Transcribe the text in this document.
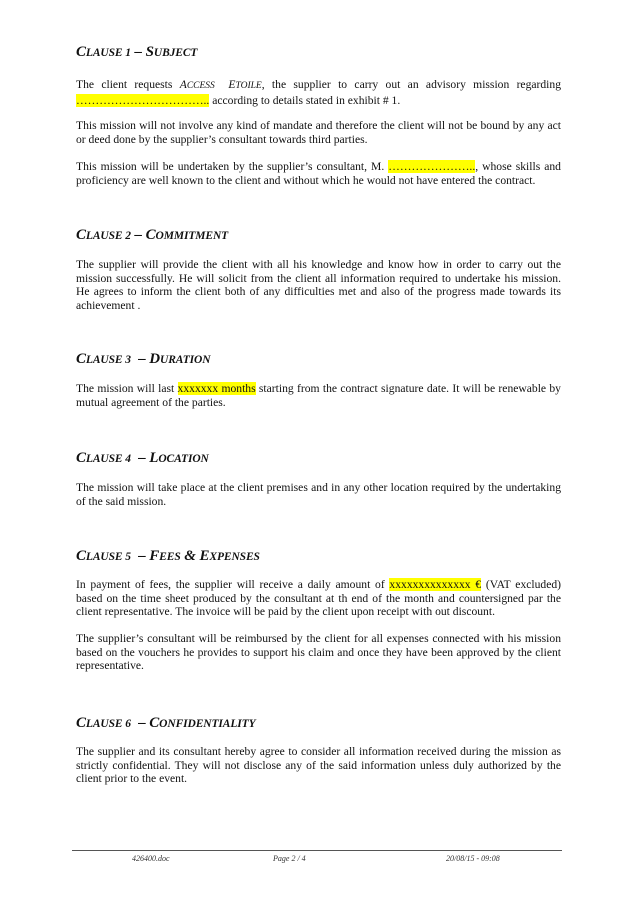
CLAUSE 1 – SUBJECT
The client requests ACCESS ETOILE, the supplier to carry out an advisory mission regarding …………………………….. according to details stated in exhibit # 1.
This mission will not involve any kind of mandate and therefore the client will not be bound by any act or deed done by the supplier’s consultant towards third parties.
This mission will be undertaken by the supplier’s consultant, M. ………………….., whose skills and proficiency are well known to the client and without which he would not have entered the contract.
CLAUSE 2 – COMMITMENT
The supplier will provide the client with all his knowledge and know how in order to carry out the mission successfully. He will solicit from the client all information required to undertake his mission. He agrees to inform the client both of any difficulties met and also of the progress made towards its achievement .
CLAUSE 3  – DURATION
The mission will last xxxxxxx months starting from the contract signature date. It will be renewable by mutual agreement of the parties.
CLAUSE 4  – LOCATION
The mission will take place at the client premises and in any other location required by the undertaking of the said mission.
CLAUSE 5  – FEES & EXPENSES
In payment of fees, the supplier will receive a daily amount of xxxxxxxxxxxxxx € (VAT excluded) based on the time sheet produced by the consultant at th end of the month and countersigned par the client representative. The invoice will be paid by the client upon receipt with out discount.
The supplier’s consultant will be reimbursed by the client for all expenses connected with his mission based on the vouchers he provides to support his claim and once they have been approved by the client representative.
CLAUSE 6  – CONFIDENTIALITY
The supplier and its consultant hereby agree to consider all information received during the mission as strictly confidential. They will not disclose any of the said information unless duly authorized by the client prior to the event.
426400.doc	Page 2 / 4	20/08/15 - 09:08
